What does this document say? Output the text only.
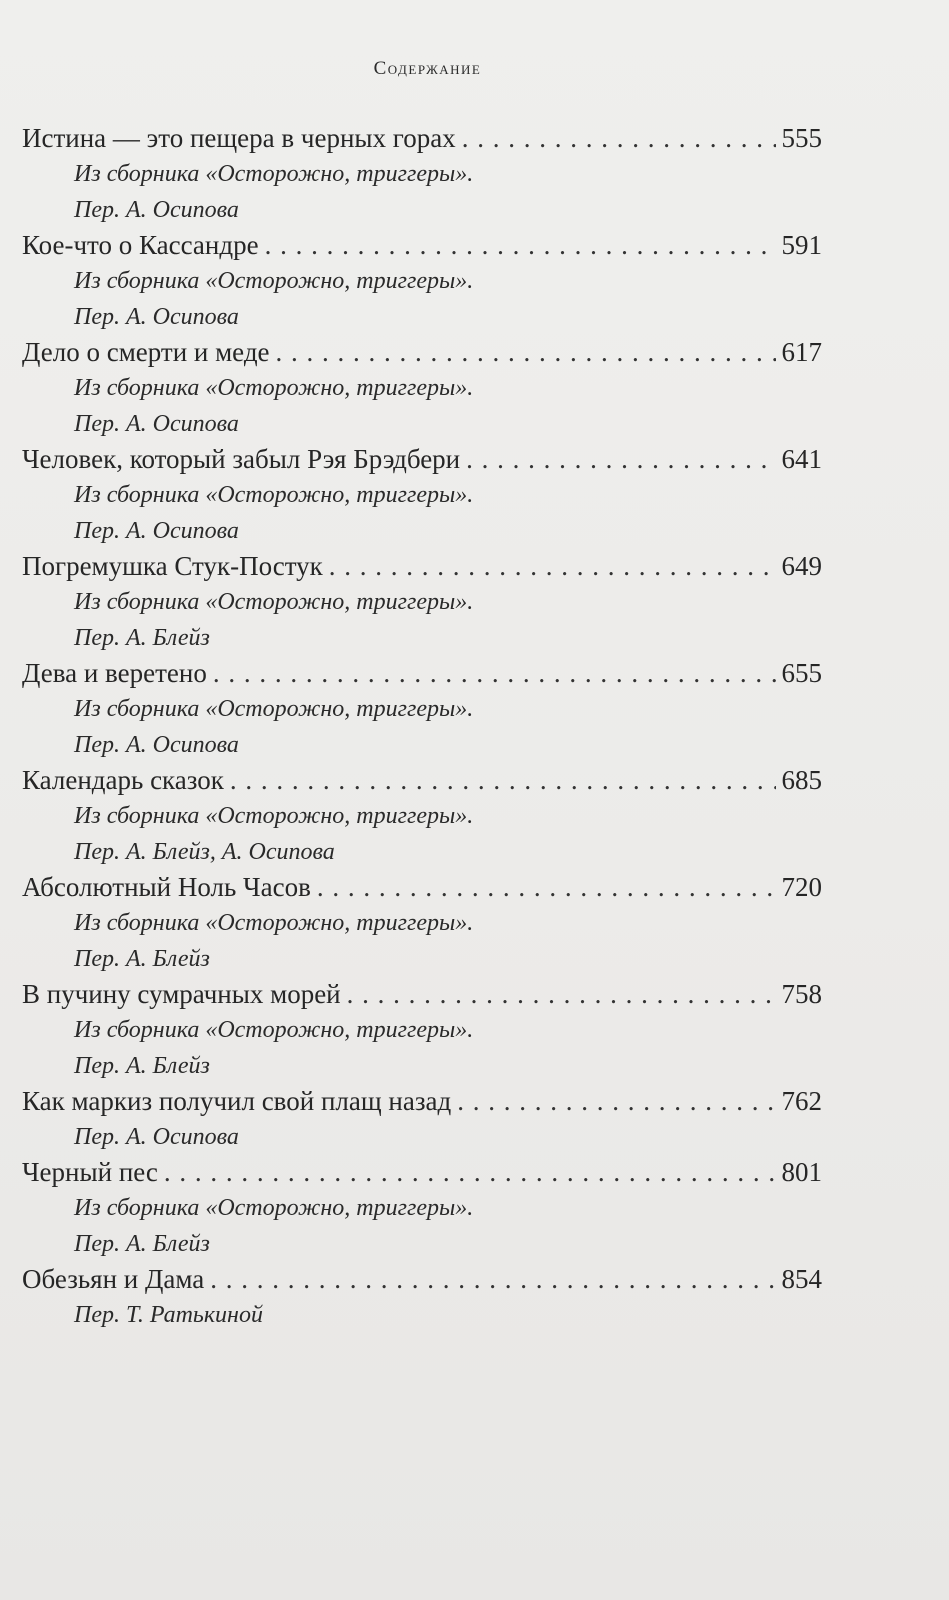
Содержание
Истина — это пещера в черных горах . . .	555
Из сборника «Осторожно, триггеры».
Пер. А. Осипова
Кое-что о Кассандре . . .	591
Из сборника «Осторожно, триггеры».
Пер. А. Осипова
Дело о смерти и меде . . .	617
Из сборника «Осторожно, триггеры».
Пер. А. Осипова
Человек, который забыл Рэя Брэдбери . . .	641
Из сборника «Осторожно, триггеры».
Пер. А. Осипова
Погремушка Стук-Постук . . .	649
Из сборника «Осторожно, триггеры».
Пер. А. Блейз
Дева и веретено . . .	655
Из сборника «Осторожно, триггеры».
Пер. А. Осипова
Календарь сказок . . .	685
Из сборника «Осторожно, триггеры».
Пер. А. Блейз, А. Осипова
Абсолютный Ноль Часов . . .	720
Из сборника «Осторожно, триггеры».
Пер. А. Блейз
В пучину сумрачных морей . . .	758
Из сборника «Осторожно, триггеры».
Пер. А. Блейз
Как маркиз получил свой плащ назад . . .	762
Пер. А. Осипова
Черный пес . . .	801
Из сборника «Осторожно, триггеры».
Пер. А. Блейз
Обезьян и Дама . . .	854
Пер. Т. Ратькиной
